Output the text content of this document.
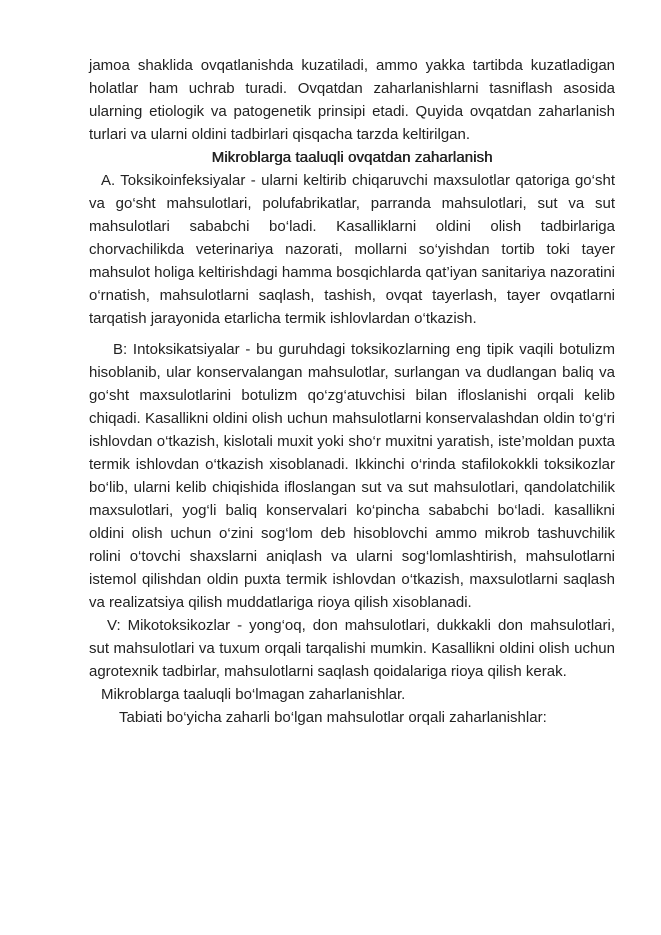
jamoa shaklida ovqatlanishda kuzatiladi, ammo yakka tartibda kuzatladigan holatlar ham uchrab turadi. Ovqatdan zaharlanishlarni tasniflash asosida ularning etiologik va patogenetik prinsipi etadi. Quyida ovqatdan zaharlanish turlari va ularni oldini tadbirlari qisqacha tarzda keltirilgan.

Mikroblarga taaluqli ovqatdan zaharlanish

A. Toksikoinfeksiyalar - ularni keltirib chiqaruvchi maxsulotlar qatoriga go‘sht va go‘sht mahsulotlari, polufabrikatlar, parranda mahsulotlari, sut va sut mahsulotlari sababchi bo‘ladi. Kasalliklarni oldini olish tadbirlariga chorvachilikda veterinariya nazorati, mollarni so‘yishdan tortib toki tayer mahsulot holiga keltirishdagi hamma bosqichlarda qat’iyan sanitariya nazoratini o‘rnatish, mahsulotlarni saqlash, tashish, ovqat tayerlash, tayer ovqatlarni tarqatish jarayonida etarlicha termik ishlovlardan o‘tkazish.

B: Intoksikatsiyalar - bu guruhdagi toksikozlarning eng tipik vaqili botulizm hisoblanib, ular konservalangan mahsulotlar, surlangan va dudlangan baliq va go‘sht maxsulotlarini botulizm qo‘zg‘atuvchisi bilan ifloslanishi orqali kelib chiqadi. Kasallikni oldini olish uchun mahsulotlarni konservalashdan oldin to‘g‘ri ishlovdan o‘tkazish, kislotali muxit yoki sho‘r muxitni yaratish, iste’moldan puxta termik ishlovdan o‘tkazish xisoblanadi. Ikkinchi o‘rinda stafilokokkli toksikozlar bo‘lib, ularni kelib chiqishida ifloslangan sut va sut mahsulotlari, qandolatchilik maxsulotlari, yog‘li baliq konservalari ko‘pincha sababchi bo‘ladi. kasallikni oldini olish uchun o‘zini sog‘lom deb hisoblovchi ammo mikrob tashuvchilik rolini o‘tovchi shaxslarni aniqlash va ularni sog‘lomlashtirish, mahsulotlarni istemol qilishdan oldin puxta termik ishlovdan o‘tkazish, maxsulotlarni saqlash va realizatsiya qilish muddatlariga rioya qilish xisoblanadi.

V: Mikotoksikozlar - yong‘oq, don mahsulotlari, dukkakli don mahsulotlari, sut mahsulotlari va tuxum orqali tarqalishi mumkin. Kasallikni oldini olish uchun agrotexnik tadbirlar, mahsulotlarni saqlash qoidalariga rioya qilish kerak.

Mikroblarga taaluqli bo‘lmagan zaharlanishlar.

Tabiati bo‘yicha zaharli bo‘lgan mahsulotlar orqali zaharlanishlar:
